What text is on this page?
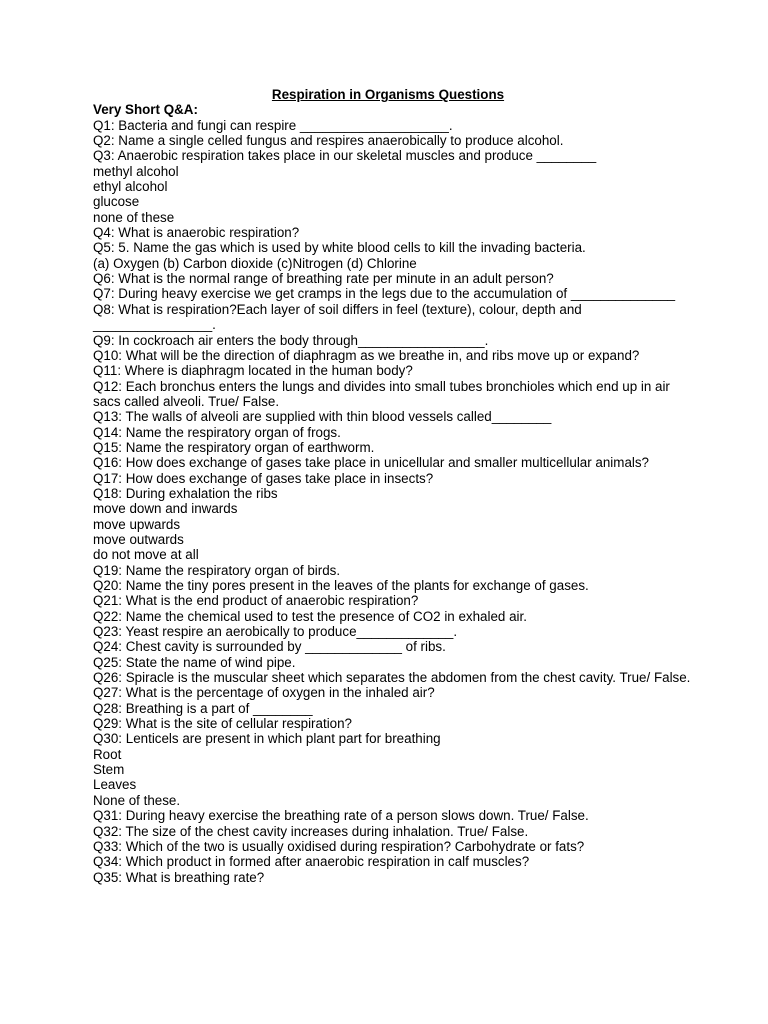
Respiration in Organisms Questions
Very Short Q&A:
Q1: Bacteria and fungi can respire ____________________.
Q2: Name a single celled fungus and respires anaerobically to produce alcohol.
Q3: Anaerobic respiration takes place in our skeletal muscles and produce ________
methyl alcohol
ethyl alcohol
glucose
none of these
Q4: What is anaerobic respiration?
Q5: 5. Name the gas which is used by white blood cells to kill the invading bacteria.
(a) Oxygen (b) Carbon dioxide (c)Nitrogen (d) Chlorine
Q6: What is the normal range of breathing rate per minute in an adult person?
Q7: During heavy exercise we get cramps in the legs due to the accumulation of ______________
Q8: What is respiration?Each layer of soil differs in feel (texture), colour, depth and ________________.
Q9: In cockroach air enters the body through_________________.
Q10: What will be the direction of diaphragm as we breathe in, and ribs move up or expand?
Q11: Where is diaphragm located in the human body?
Q12: Each bronchus enters the lungs and divides into small tubes bronchioles which end up in air sacs called alveoli. True/ False.
Q13: The walls of alveoli are supplied with thin blood vessels called________
Q14: Name the respiratory organ of frogs.
Q15: Name the respiratory organ of earthworm.
Q16: How does exchange of gases take place in unicellular and smaller multicellular animals?
Q17: How does exchange of gases take place in insects?
Q18: During exhalation the ribs
move down and inwards
move upwards
move outwards
do not move at all
Q19: Name the respiratory organ of birds.
Q20: Name the tiny pores present in the leaves of the plants for exchange of gases.
Q21: What is the end product of anaerobic respiration?
Q22: Name the chemical used to test the presence of CO2 in exhaled air.
Q23: Yeast respire an aerobically to produce_____________.
Q24: Chest cavity is surrounded by _____________ of ribs.
Q25: State the name of wind pipe.
Q26: Spiracle is the muscular sheet which separates the abdomen from the chest cavity. True/ False.
Q27: What is the percentage of oxygen in the inhaled air?
Q28: Breathing is a part of ________
Q29: What is the site of cellular respiration?
Q30: Lenticels are present in which plant part for breathing
Root
Stem
Leaves
None of these.
Q31: During heavy exercise the breathing rate of a person slows down. True/ False.
Q32: The size of the chest cavity increases during inhalation. True/ False.
Q33: Which of the two is usually oxidised during respiration? Carbohydrate or fats?
Q34: Which product in formed after anaerobic respiration in calf muscles?
Q35: What is breathing rate?
